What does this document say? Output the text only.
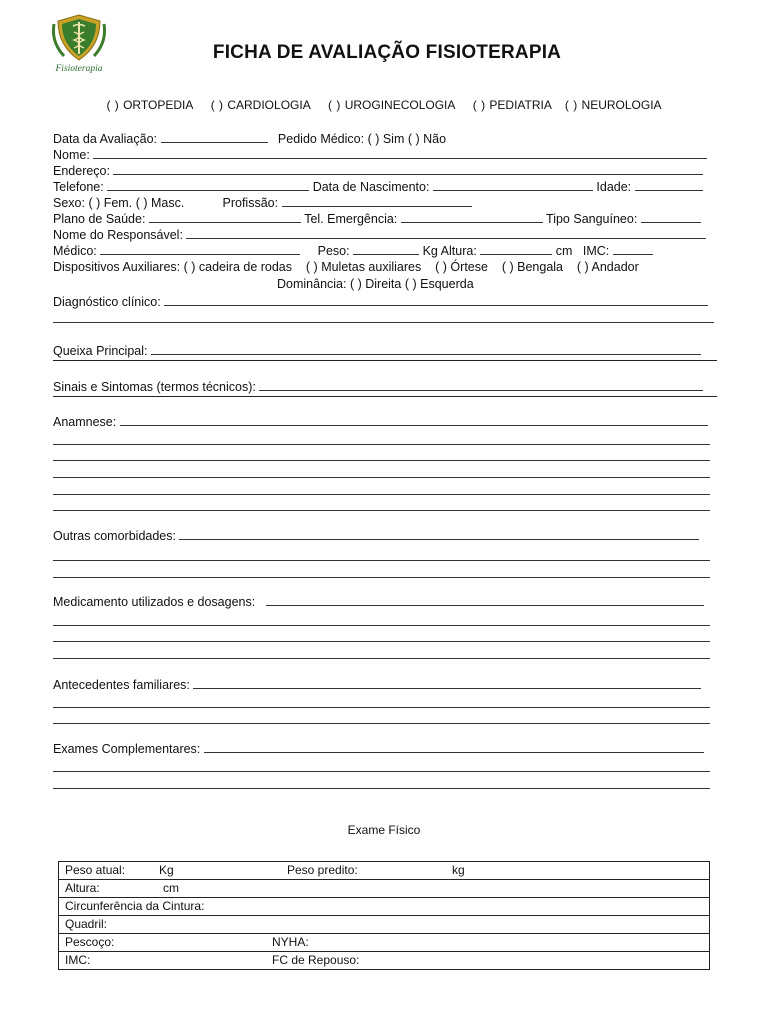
Fisioterapia
FICHA DE AVALIAÇÃO FISIOTERAPIA
( ) ORTOPEDIA ( ) CARDIOLOGIA ( ) UROGINECOLOGIA ( ) PEDIATRIA ( ) NEUROLOGIA
Data da Avaliação:	Pedido Médico: ( ) Sim ( ) Não
Nome:
Endereço:
Telefone:	Data de Nascimento:	Idade:
Sexo: ( ) Fem. ( ) Masc.	Profissão:
Plano de Saúde:	Tel. Emergência:	Tipo Sanguíneo:
Nome do Responsável:
Médico:	Peso:	Kg Altura:	cm IMC:
Dispositivos Auxiliares: ( ) cadeira de rodas ( ) Muletas auxiliares ( ) Órtese ( ) Bengala ( ) Andador
Dominância: ( ) Direita ( ) Esquerda
Diagnóstico clínico:
Queixa Principal:
Sinais e Sintomas (termos técnicos):
Anamnese:
Outras comorbidades:
Medicamento utilizados e dosagens:
Antecedentes familiares:
Exames Complementares:
Exame Físico
Peso atual:	Kg	Peso predito:	kg

Altura:	cm

Circunferência da Cintura:

Quadril:

Pescoço:	NYHA:

IMC:	FC de Repouso:
